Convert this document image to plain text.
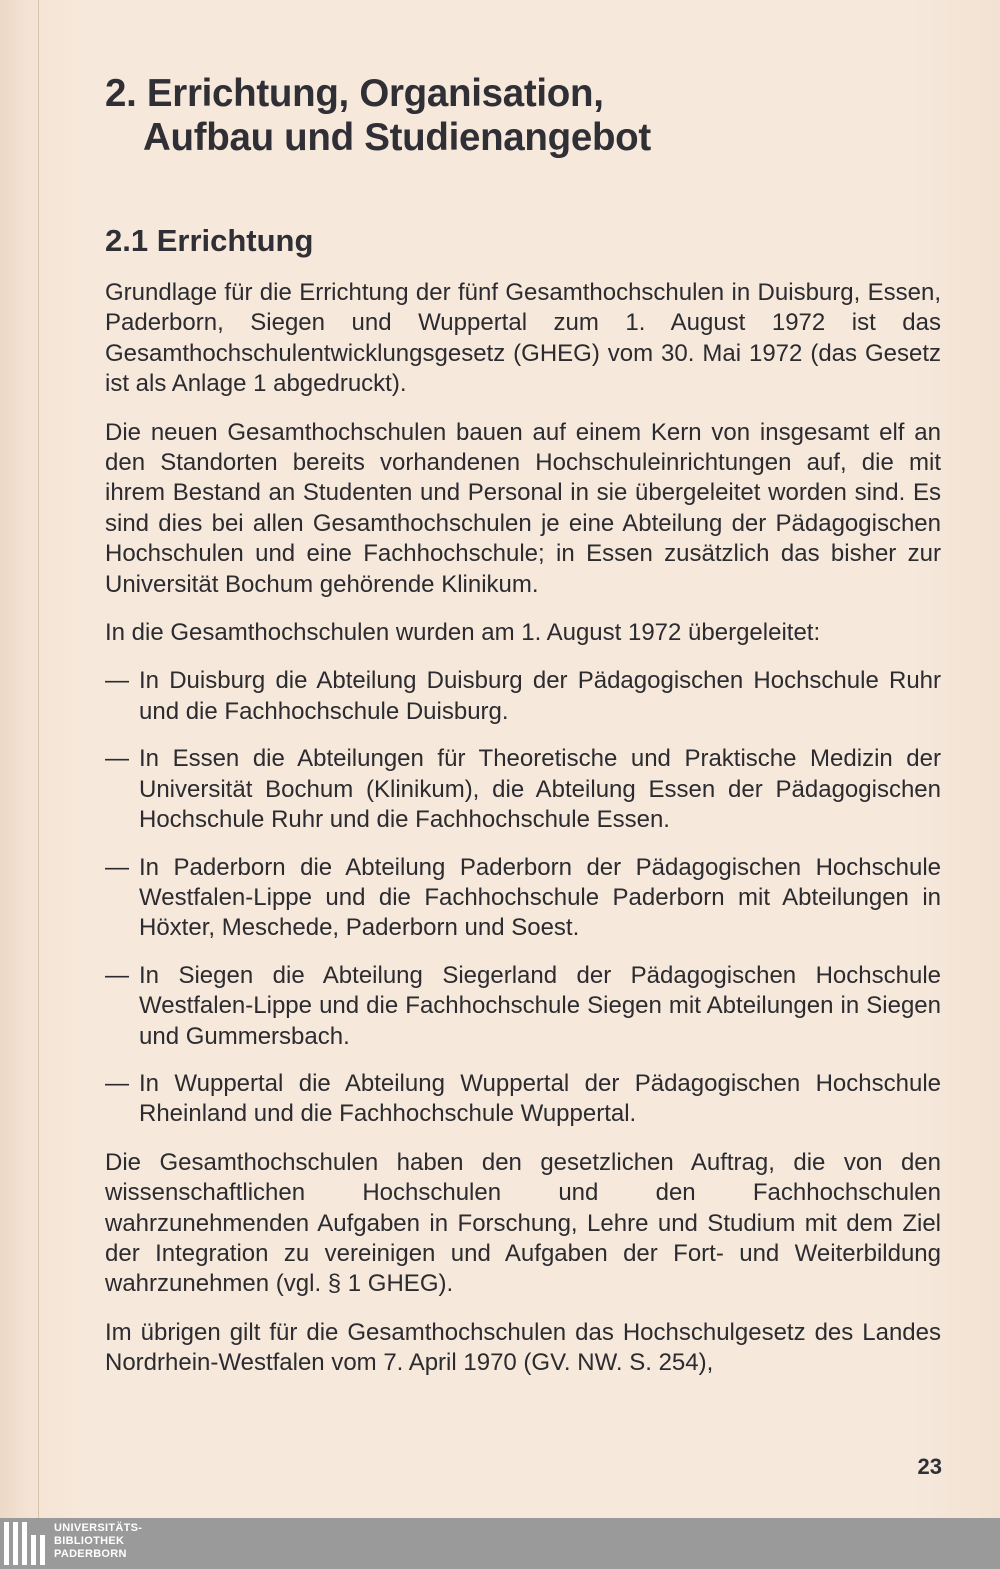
2. Errichtung, Organisation,
Aufbau und Studienangebot
2.1 Errichtung

Grundlage für die Errichtung der fünf Gesamthochschulen in Duisburg, Essen, Paderborn, Siegen und Wuppertal zum 1. August 1972 ist das Gesamthochschulentwicklungsgesetz (GHEG) vom 30. Mai 1972 (das Gesetz ist als Anlage 1 abgedruckt).

Die neuen Gesamthochschulen bauen auf einem Kern von insgesamt elf an den Standorten bereits vorhandenen Hochschuleinrichtungen auf, die mit ihrem Bestand an Studenten und Personal in sie übergeleitet worden sind. Es sind dies bei allen Gesamthochschulen je eine Abteilung der Pädagogischen Hochschulen und eine Fachhochschule; in Essen zusätzlich das bisher zur Universität Bochum gehörende Klinikum.

In die Gesamthochschulen wurden am 1. August 1972 übergeleitet:

— In Duisburg die Abteilung Duisburg der Pädagogischen Hochschule Ruhr und die Fachhochschule Duisburg.
— In Essen die Abteilungen für Theoretische und Praktische Medizin der Universität Bochum (Klinikum), die Abteilung Essen der Pädagogischen Hochschule Ruhr und die Fachhochschule Essen.
— In Paderborn die Abteilung Paderborn der Pädagogischen Hochschule Westfalen-Lippe und die Fachhochschule Paderborn mit Abteilungen in Höxter, Meschede, Paderborn und Soest.
— In Siegen die Abteilung Siegerland der Pädagogischen Hochschule Westfalen-Lippe und die Fachhochschule Siegen mit Abteilungen in Siegen und Gummersbach.
— In Wuppertal die Abteilung Wuppertal der Pädagogischen Hochschule Rheinland und die Fachhochschule Wuppertal.

Die Gesamthochschulen haben den gesetzlichen Auftrag, die von den wissenschaftlichen Hochschulen und den Fachhochschulen wahrzunehmenden Aufgaben in Forschung, Lehre und Studium mit dem Ziel der Integration zu vereinigen und Aufgaben der Fort- und Weiterbildung wahrzunehmen (vgl. § 1 GHEG).

Im übrigen gilt für die Gesamthochschulen das Hochschulgesetz des Landes Nordrhein-Westfalen vom 7. April 1970 (GV. NW. S. 254),

23
UNIVERSITÄTS-
BIBLIOTHEK
PADERBORN
